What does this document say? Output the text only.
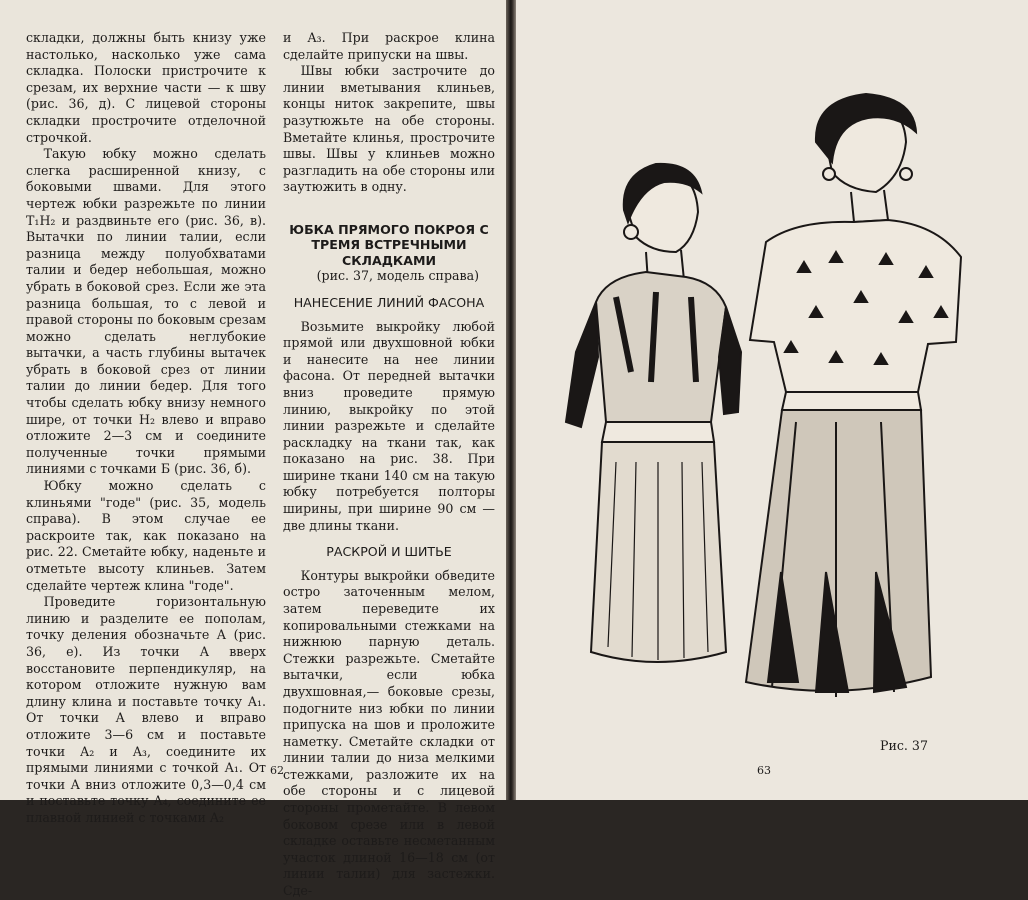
складки, должны быть книзу уже настолько, насколько уже сама складка. Полоски пристрочите к срезам, их верхние части — к шву (рис. 36, д). С лицевой стороны складки прострочите отделочной строчкой.

Такую юбку можно сделать слегка расширенной книзу, с боковыми швами. Для этого чертеж юбки разрежьте по линии T₁H₂ и раздвиньте его (рис. 36, в). Вытачки по линии талии, если разница между полуобхватами талии и бедер небольшая, можно убрать в боковой срез. Если же эта разница большая, то с левой и правой стороны по боковым срезам можно сделать неглубокие вытачки, а часть глубины вытачек убрать в боковой срез от линии талии до линии бедер. Для того чтобы сделать юбку внизу немного шире, от точки H₂ влево и вправо отложите 2—3 см и соедините полученные точки прямыми линиями с точками Б (рис. 36, б).

Юбку можно сделать с клиньями "годе" (рис. 35, модель справа). В этом случае ее раскроите так, как показано на рис. 22. Сметайте юбку, наденьте и отметьте высоту клиньев. Затем сделайте чертеж клина "годе".

Проведите горизонтальную линию и разделите ее пополам, точку деления обозначьте А (рис. 36, е). Из точки А вверх восстановите перпендикуляр, на котором отложите нужную вам длину клина и поставьте точку A₁. От точки А влево и вправо отложите 3—6 см и поставьте точки A₂ и A₃, соедините их прямыми линиями с точкой A₁. От точки А вниз отложите 0,3—0,4 см и поставьте точку A₄, соедините ее плавной линией с точками A₂

и A₃. При раскрое клина сделайте припуски на швы.

Швы юбки застрочите до линии вметывания клиньев, концы ниток закрепите, швы разутюжьте на обе стороны. Вметайте клинья, прострочите швы. Швы у клиньев можно разгладить на обе стороны или заутюжить в одну.

ЮБКА ПРЯМОГО ПОКРОЯ С ТРЕМЯ ВСТРЕЧНЫМИ СКЛАДКАМИ

(рис. 37, модель справа)

НАНЕСЕНИЕ ЛИНИЙ ФАСОНА

Возьмите выкройку любой прямой или двухшовной юбки и нанесите на нее линии фасона. От передней вытачки вниз проведите прямую линию, выкройку по этой линии разрежьте и сделайте раскладку на ткани так, как показано на рис. 38. При ширине ткани 140 см на такую юбку потребуется полторы ширины, при ширине 90 см — две длины ткани.

РАСКРОЙ И ШИТЬЕ

Контуры выкройки обведите остро заточенным мелом, затем переведите их копировальными стежками на нижнюю парную деталь. Стежки разрежьте. Сметайте вытачки, если юбка двухшовная,— боковые срезы, подогните низ юбки по линии припуска на шов и проложите наметку. Сметайте складки от линии талии до низа мелкими стежками, разложите их на обе стороны и с лицевой стороны прометайте. В левом боковом срезе или в левой складке оставьте несметанным участок длиной 16—18 см (от линии талии) для застежки. Сде-

62	63
Рис. 37
